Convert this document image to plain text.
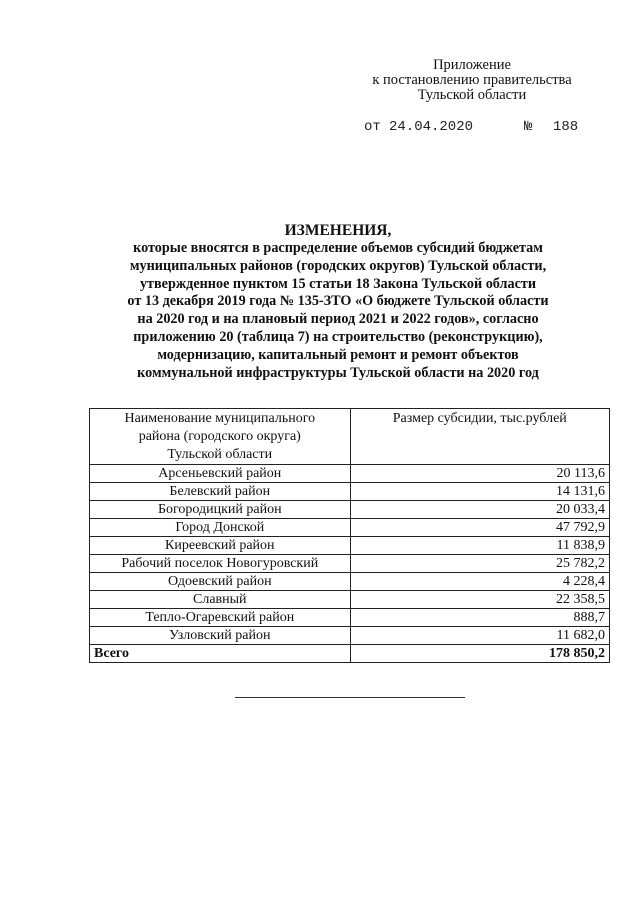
Приложение
к постановлению правительства
Тульской области
от 24.04.2020	№ 188
ИЗМЕНЕНИЯ,
которые вносятся в распределение объемов субсидий бюджетам
муниципальных районов (городских округов) Тульской области,
утвержденное пунктом 15 статьи 18 Закона Тульской области
от 13 декабря 2019 года № 135-ЗТО «О бюджете Тульской области
на 2020 год и на плановый период 2021 и 2022 годов», согласно
приложению 20 (таблица 7) на строительство (реконструкцию),
модернизацию, капитальный ремонт и ремонт объектов
коммунальной инфраструктуры Тульской области на 2020 год
Наименование муниципального
района (городского округа)
Тульской области	Размер субсидии, тыс.рублей
Арсеньевский район	20 113,6
Белевский район	14 131,6
Богородицкий район	20 033,4
Город Донской	47 792,9
Киреевский район	11 838,9
Рабочий поселок Новогуровский	25 782,2
Одоевский район	4 228,4
Славный	22 358,5
Тепло-Огаревский район	888,7
Узловский район	11 682,0
Всего	178 850,2
